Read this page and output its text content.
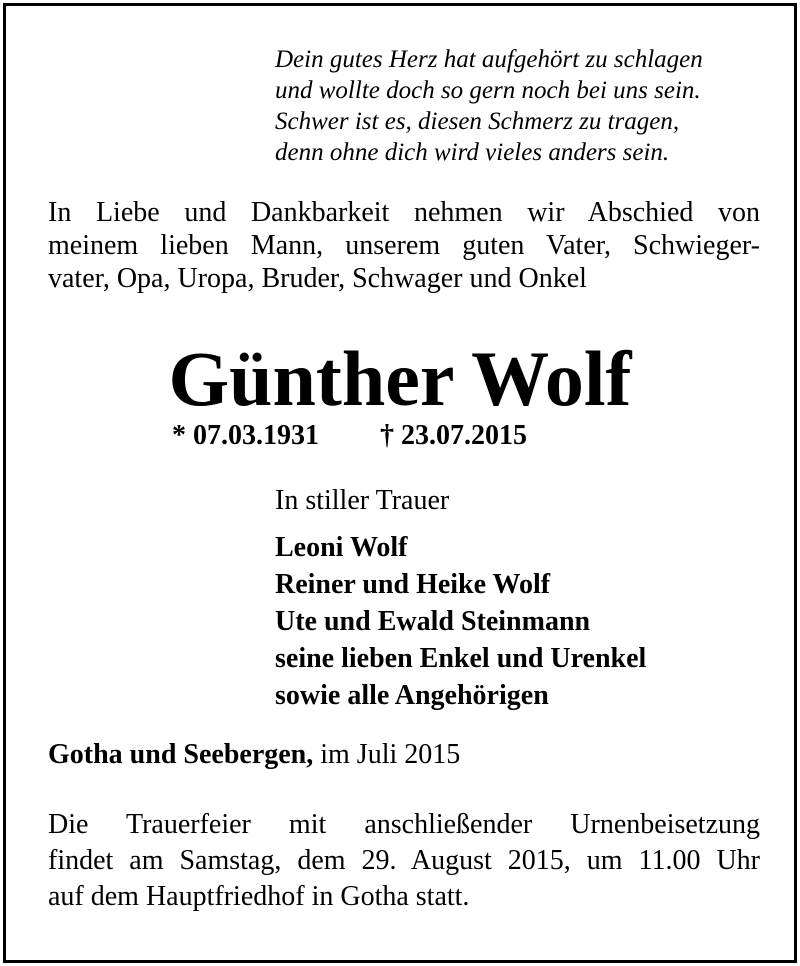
Dein gutes Herz hat aufgehört zu schlagen
und wollte doch so gern noch bei uns sein.
Schwer ist es, diesen Schmerz zu tragen,
denn ohne dich wird vieles anders sein.
In Liebe und Dankbarkeit nehmen wir Abschied von
meinem lieben Mann, unserem guten Vater, Schwieger-
vater, Opa, Uropa, Bruder, Schwager und Onkel
Günther Wolf
* 07.03.1931 † 23.07.2015
In stiller Trauer
Leoni Wolf
Reiner und Heike Wolf
Ute und Ewald Steinmann
seine lieben Enkel und Urenkel
sowie alle Angehörigen
Gotha und Seebergen, im Juli 2015
Die Trauerfeier mit anschließender Urnenbeisetzung
findet am Samstag, dem 29. August 2015, um 11.00 Uhr
auf dem Hauptfriedhof in Gotha statt.
